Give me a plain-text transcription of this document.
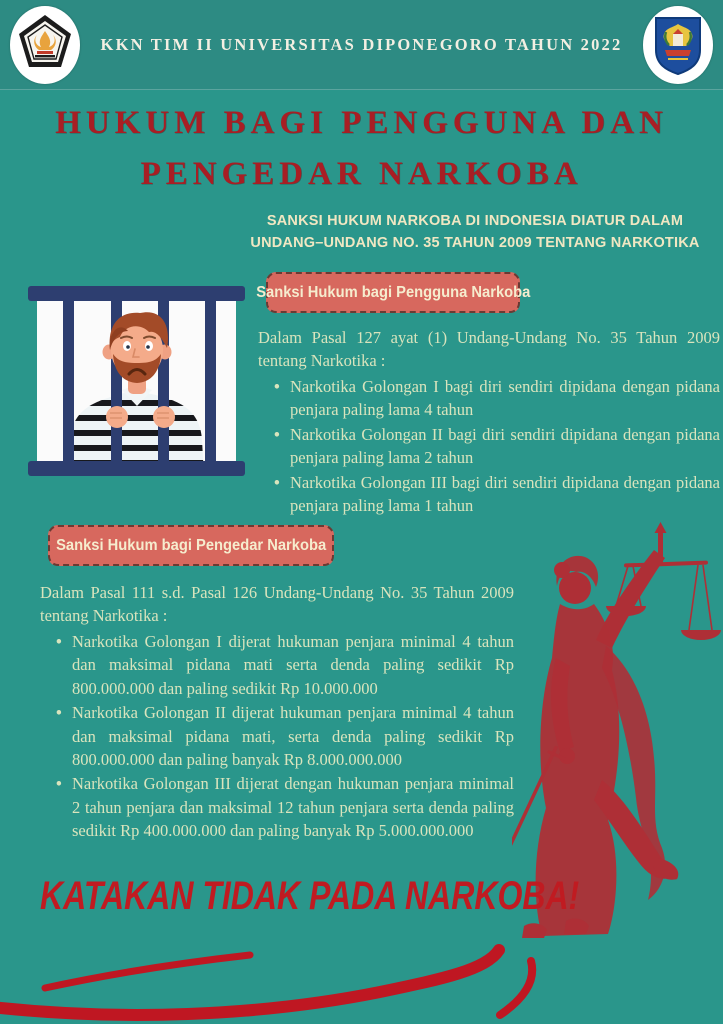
KKN TIM II UNIVERSITAS DIPONEGORO TAHUN 2022
HUKUM BAGI PENGGUNA DAN
PENGEDAR NARKOBA
SANKSI HUKUM NARKOBA DI INDONESIA DIATUR DALAM
UNDANG–UNDANG NO. 35 TAHUN 2009 TENTANG NARKOTIKA
Sanksi Hukum bagi Pengguna Narkoba

Dalam Pasal 127 ayat (1) Undang-Undang No. 35 Tahun 2009 tentang Narkotika :

• Narkotika Golongan I bagi diri sendiri dipidana dengan pidana penjara paling lama 4 tahun
• Narkotika Golongan II bagi diri sendiri dipidana dengan pidana penjara paling lama 2 tahun
• Narkotika Golongan III bagi diri sendiri dipidana dengan pidana penjara paling lama 1 tahun
Sanksi Hukum bagi Pengedar Narkoba

Dalam Pasal 111 s.d. Pasal 126 Undang-Undang No. 35 Tahun 2009 tentang Narkotika :

• Narkotika Golongan I dijerat hukuman penjara minimal 4 tahun dan maksimal pidana mati serta denda paling sedikit Rp 800.000.000 dan paling sedikit Rp 10.000.000
• Narkotika Golongan II dijerat hukuman penjara minimal 4 tahun dan maksimal pidana mati, serta denda paling sedikit Rp 800.000.000 dan paling banyak Rp 8.000.000.000
• Narkotika Golongan III dijerat dengan hukuman penjara minimal 2 tahun penjara dan maksimal 12 tahun penjara serta denda paling sedikit Rp 400.000.000 dan paling banyak Rp 5.000.000.000
KATAKAN TIDAK PADA NARKOBA!
